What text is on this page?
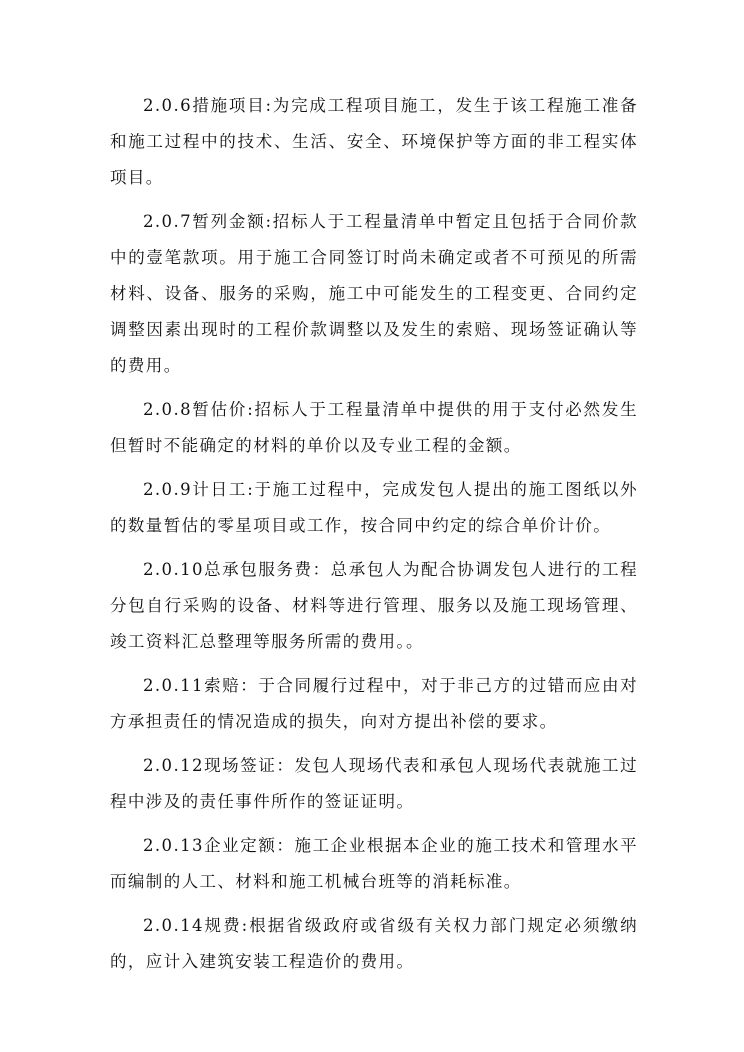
2.0.6措施项目:为完成工程项目施工，发生于该工程施工准备和施工过程中的技术、生活、安全、环境保护等方面的非工程实体项目。

2.0.7暂列金额:招标人于工程量清单中暂定且包括于合同价款中的壹笔款项。用于施工合同签订时尚未确定或者不可预见的所需材料、设备、服务的采购，施工中可能发生的工程变更、合同约定调整因素出现时的工程价款调整以及发生的索赔、现场签证确认等的费用。

2.0.8暂估价:招标人于工程量清单中提供的用于支付必然发生但暂时不能确定的材料的单价以及专业工程的金额。

2.0.9计日工:于施工过程中，完成发包人提出的施工图纸以外的数量暂估的零星项目或工作，按合同中约定的综合单价计价。

2.0.10总承包服务费：总承包人为配合协调发包人进行的工程分包自行采购的设备、材料等进行管理、服务以及施工现场管理、竣工资料汇总整理等服务所需的费用。。

2.0.11索赔：于合同履行过程中，对于非己方的过错而应由对方承担责任的情况造成的损失，向对方提出补偿的要求。

2.0.12现场签证：发包人现场代表和承包人现场代表就施工过程中涉及的责任事件所作的签证证明。

2.0.13企业定额：施工企业根据本企业的施工技术和管理水平而编制的人工、材料和施工机械台班等的消耗标准。

2.0.14规费:根据省级政府或省级有关权力部门规定必须缴纳的，应计入建筑安装工程造价的费用。
